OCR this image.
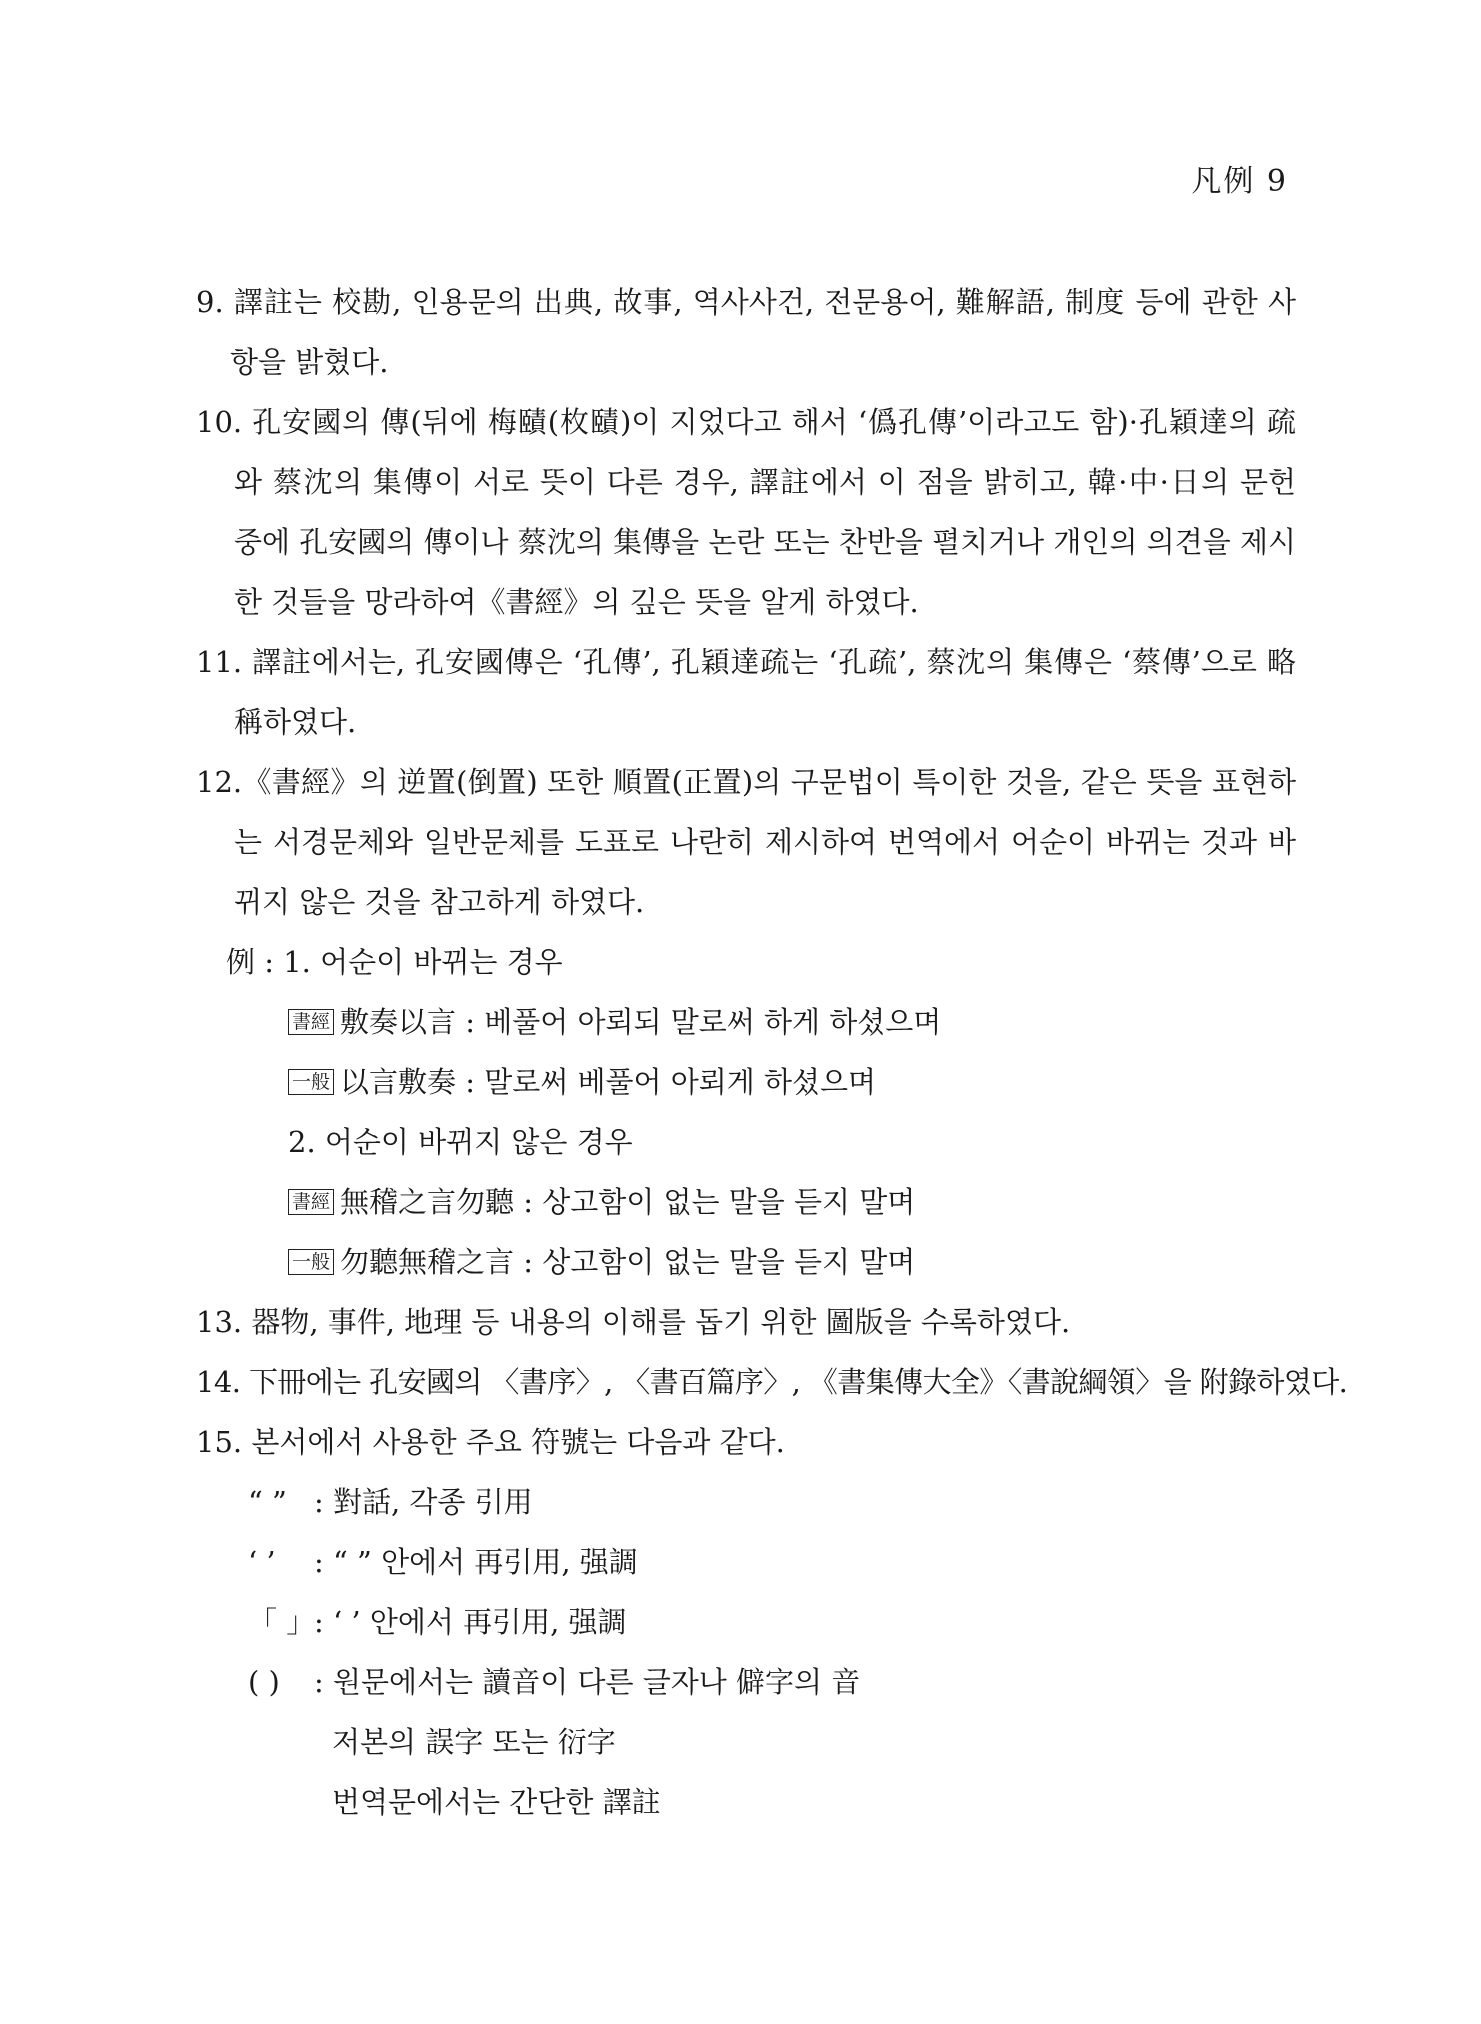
凡例 9

9. 譯註는 校勘, 인용문의 出典, 故事, 역사사건, 전문용어, 難解語, 制度 등에 관한 사항을 밝혔다.

10. 孔安國의 傳(뒤에 梅賾(枚賾)이 지었다고 해서 ‘僞孔傳’이라고도 함)·孔穎達의 疏와 蔡沈의 集傳이 서로 뜻이 다른 경우, 譯註에서 이 점을 밝히고, 韓·中·日의 문헌 중에 孔安國의 傳이나 蔡沈의 集傳을 논란 또는 찬반을 펼치거나 개인의 의견을 제시한 것들을 망라하여《書經》의 깊은 뜻을 알게 하였다.

11. 譯註에서는, 孔安國傳은 ‘孔傳’, 孔穎達疏는 ‘孔疏’, 蔡沈의 集傳은 ‘蔡傳’으로 略稱하였다.

12.《書經》의 逆置(倒置) 또한 順置(正置)의 구문법이 특이한 것을, 같은 뜻을 표현하는 서경문체와 일반문체를 도표로 나란히 제시하여 번역에서 어순이 바뀌는 것과 바뀌지 않은 것을 참고하게 하였다.

例 : 1. 어순이 바뀌는 경우

書經 敷奏以言 : 베풀어 아뢰되 말로써 하게 하셨으며

一般 以言敷奏 : 말로써 베풀어 아뢰게 하셨으며

2. 어순이 바뀌지 않은 경우

書經 無稽之言勿聽 : 상고함이 없는 말을 듣지 말며

一般 勿聽無稽之言 : 상고함이 없는 말을 듣지 말며

13. 器物, 事件, 地理 등 내용의 이해를 돕기 위한 圖版을 수록하였다.

14. 下冊에는 孔安國의 〈書序〉, 〈書百篇序〉, 《書集傳大全》〈書說綱領〉을 附錄하였다.

15. 본서에서 사용한 주요 符號는 다음과 같다.

“ ” : 對話, 각종 引用

‘ ’ : “ ” 안에서 再引用, 强調

「 」: ‘ ’ 안에서 再引用, 强調

( ) : 원문에서는 讀音이 다른 글자나 僻字의 音

저본의 誤字 또는 衍字

번역문에서는 간단한 譯註
